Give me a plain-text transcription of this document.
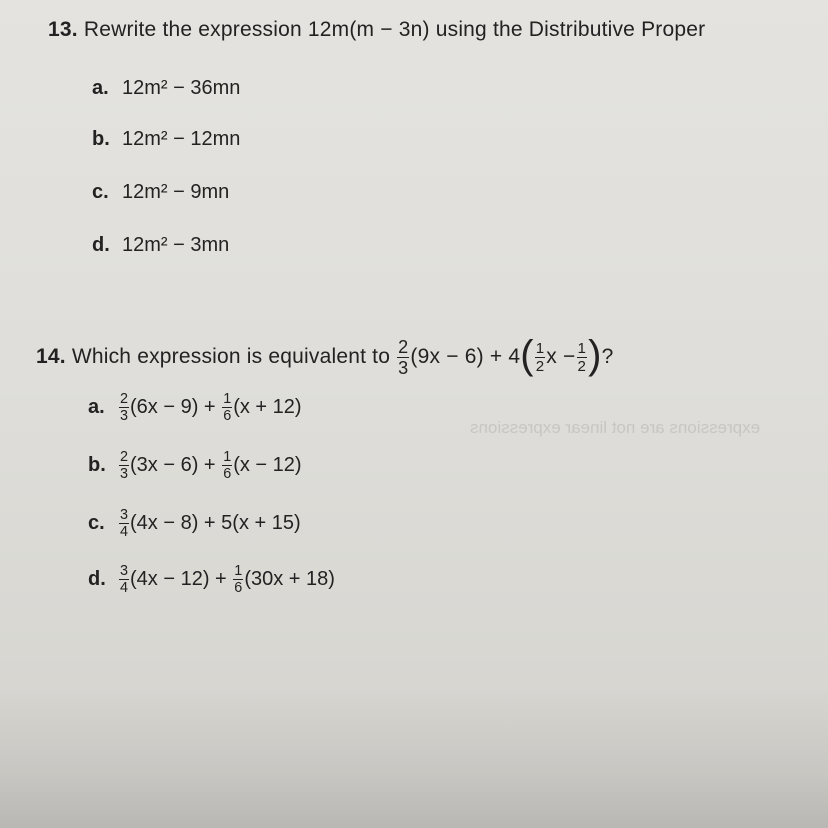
13. Rewrite the expression 12m(m − 3n) using the Distributive Proper
a. 12m² − 36mn
b. 12m² − 12mn
c. 12m² − 9mn
d. 12m² − 3mn
14. Which expression is equivalent to $\frac{2}{3} (9x - 6) + 4( \frac{1}{2}$ $x - \frac{1}{2}$ )?
a. $\frac{2}{3} (6x - 9) + \frac{1}{6} (x + 12)$
b. $\frac{2}{3} (3x - 6) + \frac{1}{6} (x - 12)$
c. $\frac{3}{4} (4x - 8) + 5(x + 15)$
d. $\frac{3}{4} (4x - 12) + \frac{1}{6} (30x + 18)$
expressions are not linear expressions
